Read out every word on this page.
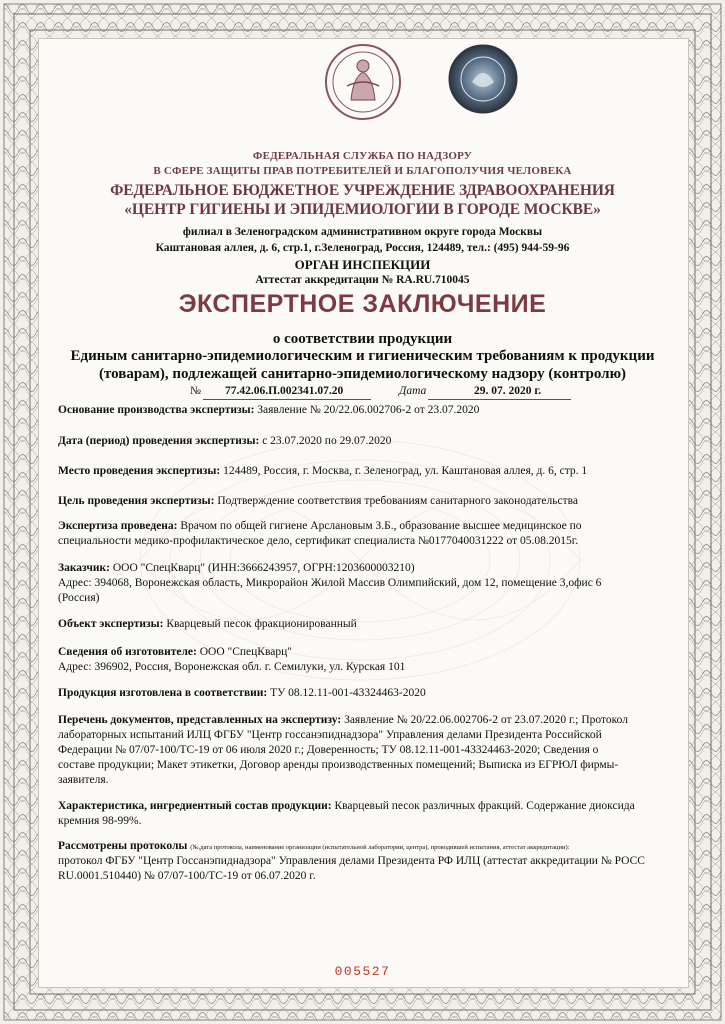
ФЕДЕРАЛЬНАЯ СЛУЖБА ПО НАДЗОРУ
В СФЕРЕ ЗАЩИТЫ ПРАВ ПОТРЕБИТЕЛЕЙ И БЛАГОПОЛУЧИЯ ЧЕЛОВЕКА
ФЕДЕРАЛЬНОЕ БЮДЖЕТНОЕ УЧРЕЖДЕНИЕ ЗДРАВООХРАНЕНИЯ
«ЦЕНТР ГИГИЕНЫ И ЭПИДЕМИОЛОГИИ В ГОРОДЕ МОСКВЕ»
филиал в Зеленоградском административном округе города Москвы
Каштановая аллея, д. 6, стр.1, г.Зеленоград, Россия, 124489, тел.: (495) 944-59-96
ОРГАН ИНСПЕКЦИИ
Аттестат аккредитации № RA.RU.710045
ЭКСПЕРТНОЕ ЗАКЛЮЧЕНИЕ
о соответствии продукции
Единым санитарно-эпидемиологическим и гигиеническим требованиям к продукции
(товарам), подлежащей санитарно-эпидемиологическому надзору (контролю)
№ 77.42.06.П.002341.07.20	Дата	29. 07. 2020 г.
Основание производства экспертизы: Заявление № 20/22.06.002706-2 от 23.07.2020
Дата (период) проведения экспертизы: с 23.07.2020 по 29.07.2020
Место проведения экспертизы: 124489, Россия, г. Москва, г. Зеленоград, ул. Каштановая аллея, д. 6, стр. 1
Цель проведения экспертизы: Подтверждение соответствия требованиям санитарного законодательства
Экспертиза проведена: Врачом по общей гигиене Арслановым З.Б., образование высшее медицинское по
специальности медико-профилактическое дело, сертификат специалиста №0177040031222 от 05.08.2015г.
Заказчик: ООО "СпецКварц" (ИНН:3666243957, ОГРН:1203600003210)
Адрес: 394068, Воронежская область, Микрорайон Жилой Массив Олимпийский, дом 12, помещение 3,офис 6
(Россия)
Объект экспертизы: Кварцевый песок фракционированный
Сведения об изготовителе: ООО "СпецКварц"
Адрес: 396902, Россия, Воронежская обл. г. Семилуки, ул. Курская 101
Продукция изготовлена в соответствии: ТУ 08.12.11-001-43324463-2020
Перечень документов, представленных на экспертизу: Заявление № 20/22.06.002706-2 от 23.07.2020 г.; Протокол
лабораторных испытаний ИЛЦ ФГБУ "Центр госсанэпиднадзора" Управления делами Президента Российской
Федерации № 07/07-100/ТС-19 от 06 июля 2020 г.; Доверенность; ТУ 08.12.11-001-43324463-2020; Сведения о
составе продукции; Макет этикетки, Договор аренды производственных помещений; Выписка из ЕГРЮЛ фирмы-
заявителя.
Характеристика, ингредиентный состав продукции: Кварцевый песок различных фракций. Содержание диоксида
кремния 98-99%.
Рассмотрены протоколы (№,дата протокола, наименование организации (испытательной лаборатории, центра), проводившей испытания, аттестат аккредитации):
протокол ФГБУ "Центр Госсанэпиднадзора" Управления делами Президента РФ ИЛЦ (аттестат аккредитации № РОСС
RU.0001.510440) № 07/07-100/ТС-19 от 06.07.2020 г.
005527
